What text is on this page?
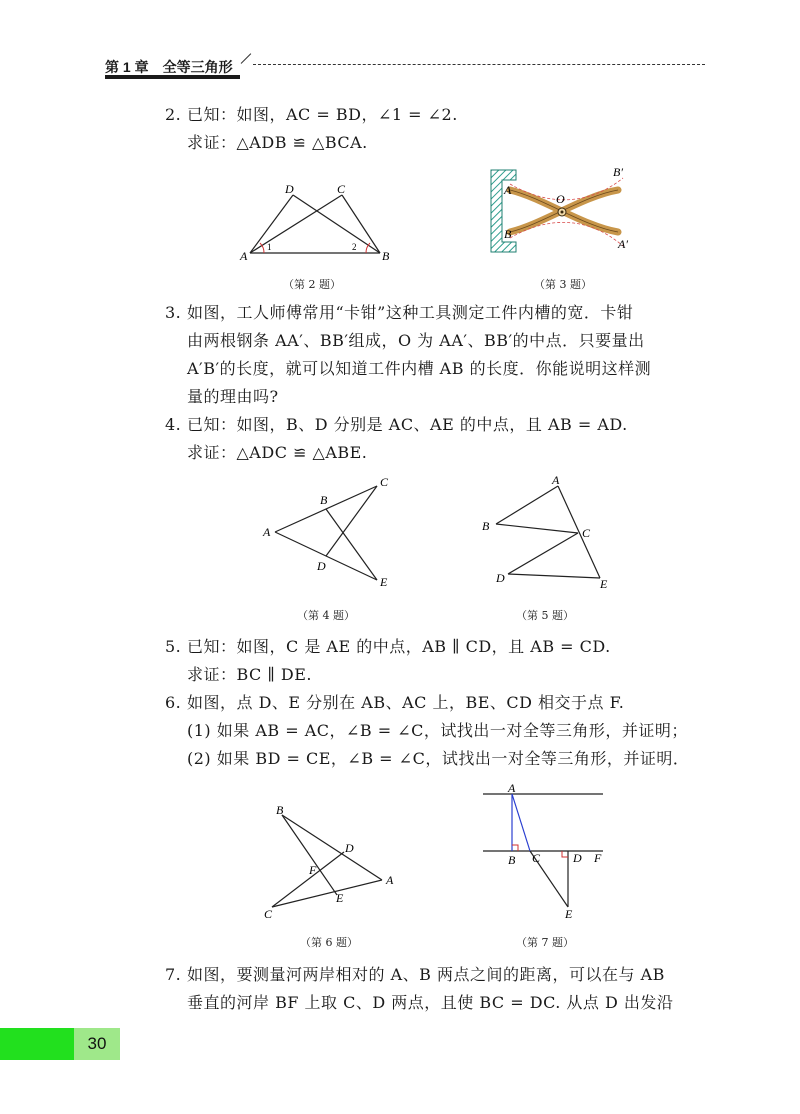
第 1 章　全等三角形
2. 已知：如图，AC = BD，∠1 = ∠2.
求证：△ADB ≌ △BCA.
A	B
C
D
1	2
（第 2 题）
O
A
B
A′
B′
（第 3 题）
3. 如图，工人师傅常用“卡钳”这种工具测定工件内槽的宽．卡钳
由两根钢条 AA′、BB′组成，O 为 AA′、BB′的中点．只要量出
A′B′的长度，就可以知道工件内槽 AB 的长度．你能说明这样测
量的理由吗?
4. 已知：如图，B、D 分别是 AC、AE 的中点，且 AB = AD.
求证：△ADC ≌ △ABE.
A
B
C
D
E
（第 4 题）
A
B	C
D	E
（第 5 题）
5. 已知：如图，C 是 AE 的中点，AB ∥ CD，且 AB = CD.
求证：BC ∥ DE.
6. 如图，点 D、E 分别在 AB、AC 上，BE、CD 相交于点 F.
(1) 如果 AB = AC，∠B = ∠C，试找出一对全等三角形，并证明；
(2) 如果 BD = CE，∠B = ∠C，试找出一对全等三角形，并证明．
B
A
C
D
E
F
（第 6 题）
A
B C	D
E
F
（第 7 题）
7. 如图，要测量河两岸相对的 A、B 两点之间的距离，可以在与 AB
垂直的河岸 BF 上取 C、D 两点，且使 BC = DC. 从点 D 出发沿
30
